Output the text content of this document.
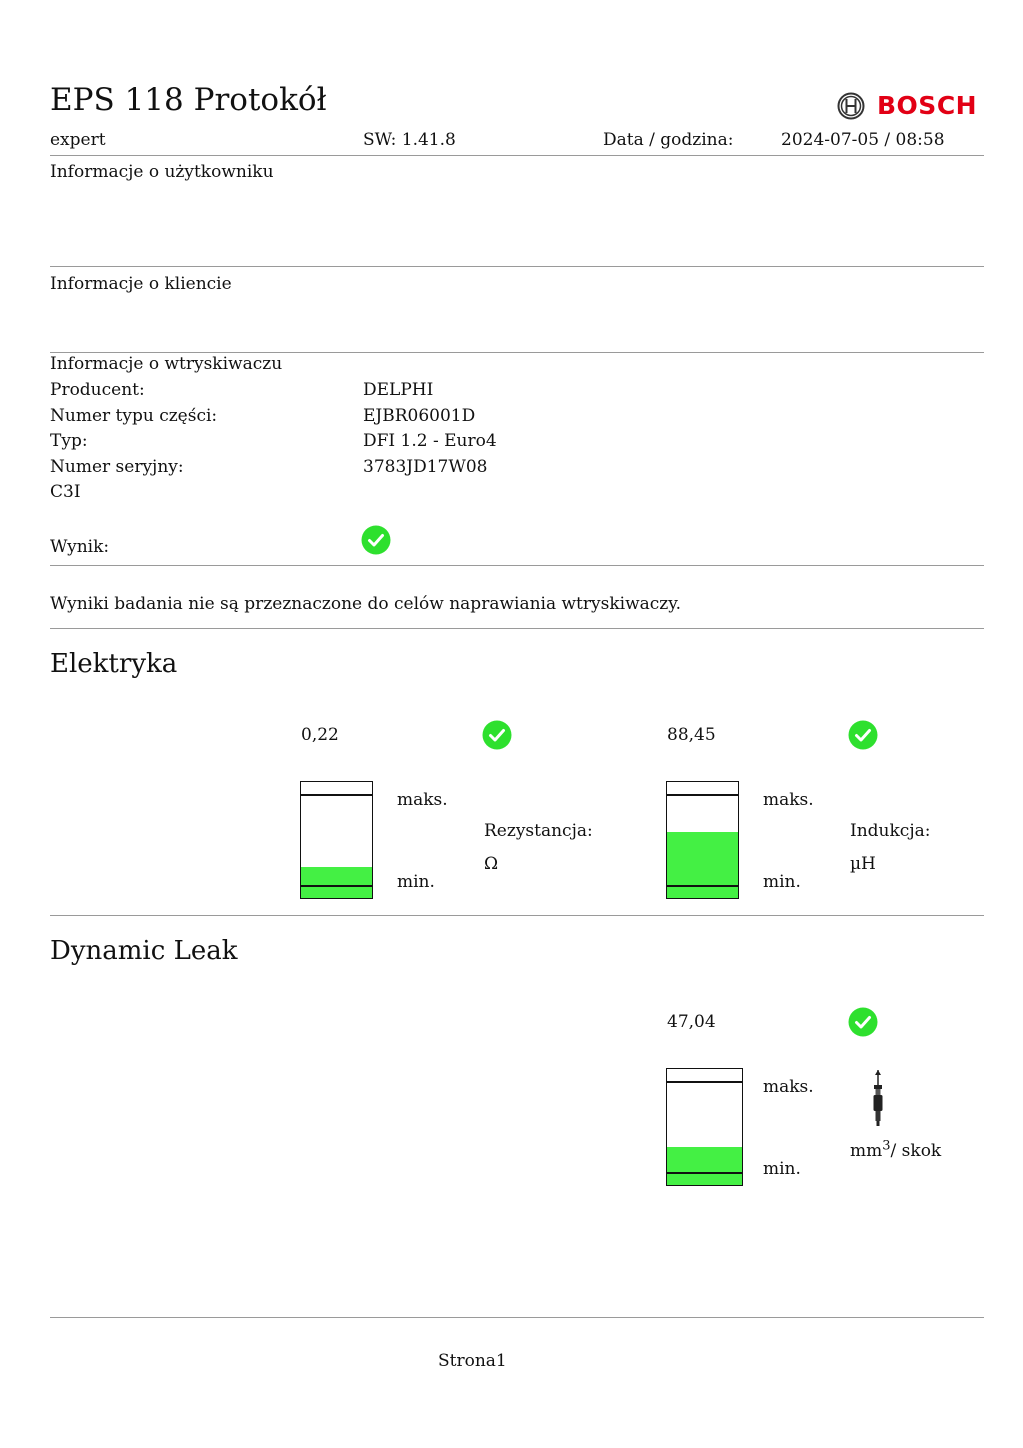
EPS 118 Protokół	BOSCH
expert	SW: 1.41.8	Data / godzina:	2024-07-05 / 08:58
Informacje o użytkowniku
Informacje o kliencie
Informacje o wtryskiwaczu
Producent:	DELPHI
Numer typu części:	EJBR06001D
Typ:	DFI 1.2 - Euro4
Numer seryjny:	3783JD17W08
C3I
Wynik:
Wyniki badania nie są przeznaczone do celów naprawiania wtryskiwaczy.
Elektryka
0,22
maks.
min.
Rezystancja:
Ω
88,45
maks.
min.
Indukcja:
µH
Dynamic Leak
47,04
maks.
min.
$mm^3/$ skok
Strona1
